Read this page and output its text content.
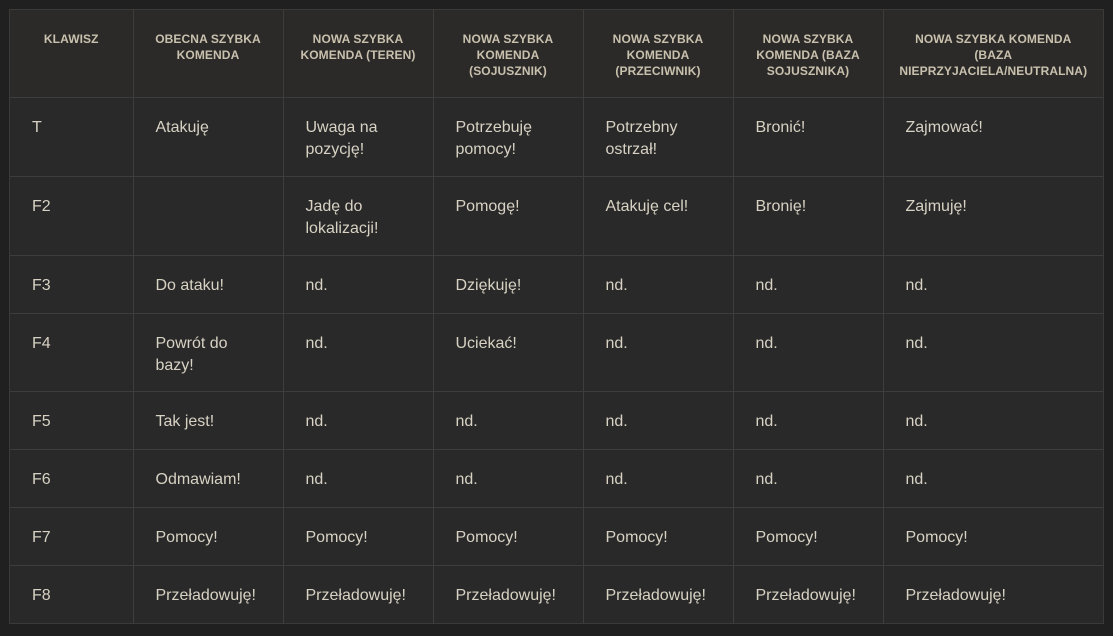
KLAWISZ	OBECNA SZYBKA KOMENDA	NOWA SZYBKA KOMENDA (TEREN)	NOWA SZYBKA KOMENDA (SOJUSZNIK)	NOWA SZYBKA KOMENDA (PRZECIWNIK)	NOWA SZYBKA KOMENDA (BAZA SOJUSZNIKA)	NOWA SZYBKA KOMENDA (BAZA NIEPRZYJACIELA/NEUTRALNA)
T	Atakuję	Uwaga na pozycję!	Potrzebuję pomocy!	Potrzebny ostrzał!	Bronić!	Zajmować!
F2		Jadę do lokalizacji!	Pomogę!	Atakuję cel!	Bronię!	Zajmuję!
F3	Do ataku!	nd.	Dziękuję!	nd.	nd.	nd.
F4	Powrót do bazy!	nd.	Uciekać!	nd.	nd.	nd.
F5	Tak jest!	nd.	nd.	nd.	nd.	nd.
F6	Odmawiam!	nd.	nd.	nd.	nd.	nd.
F7	Pomocy!	Pomocy!	Pomocy!	Pomocy!	Pomocy!	Pomocy!
F8	Przeładowuję!	Przeładowuję!	Przeładowuję!	Przeładowuję!	Przeładowuję!	Przeładowuję!
